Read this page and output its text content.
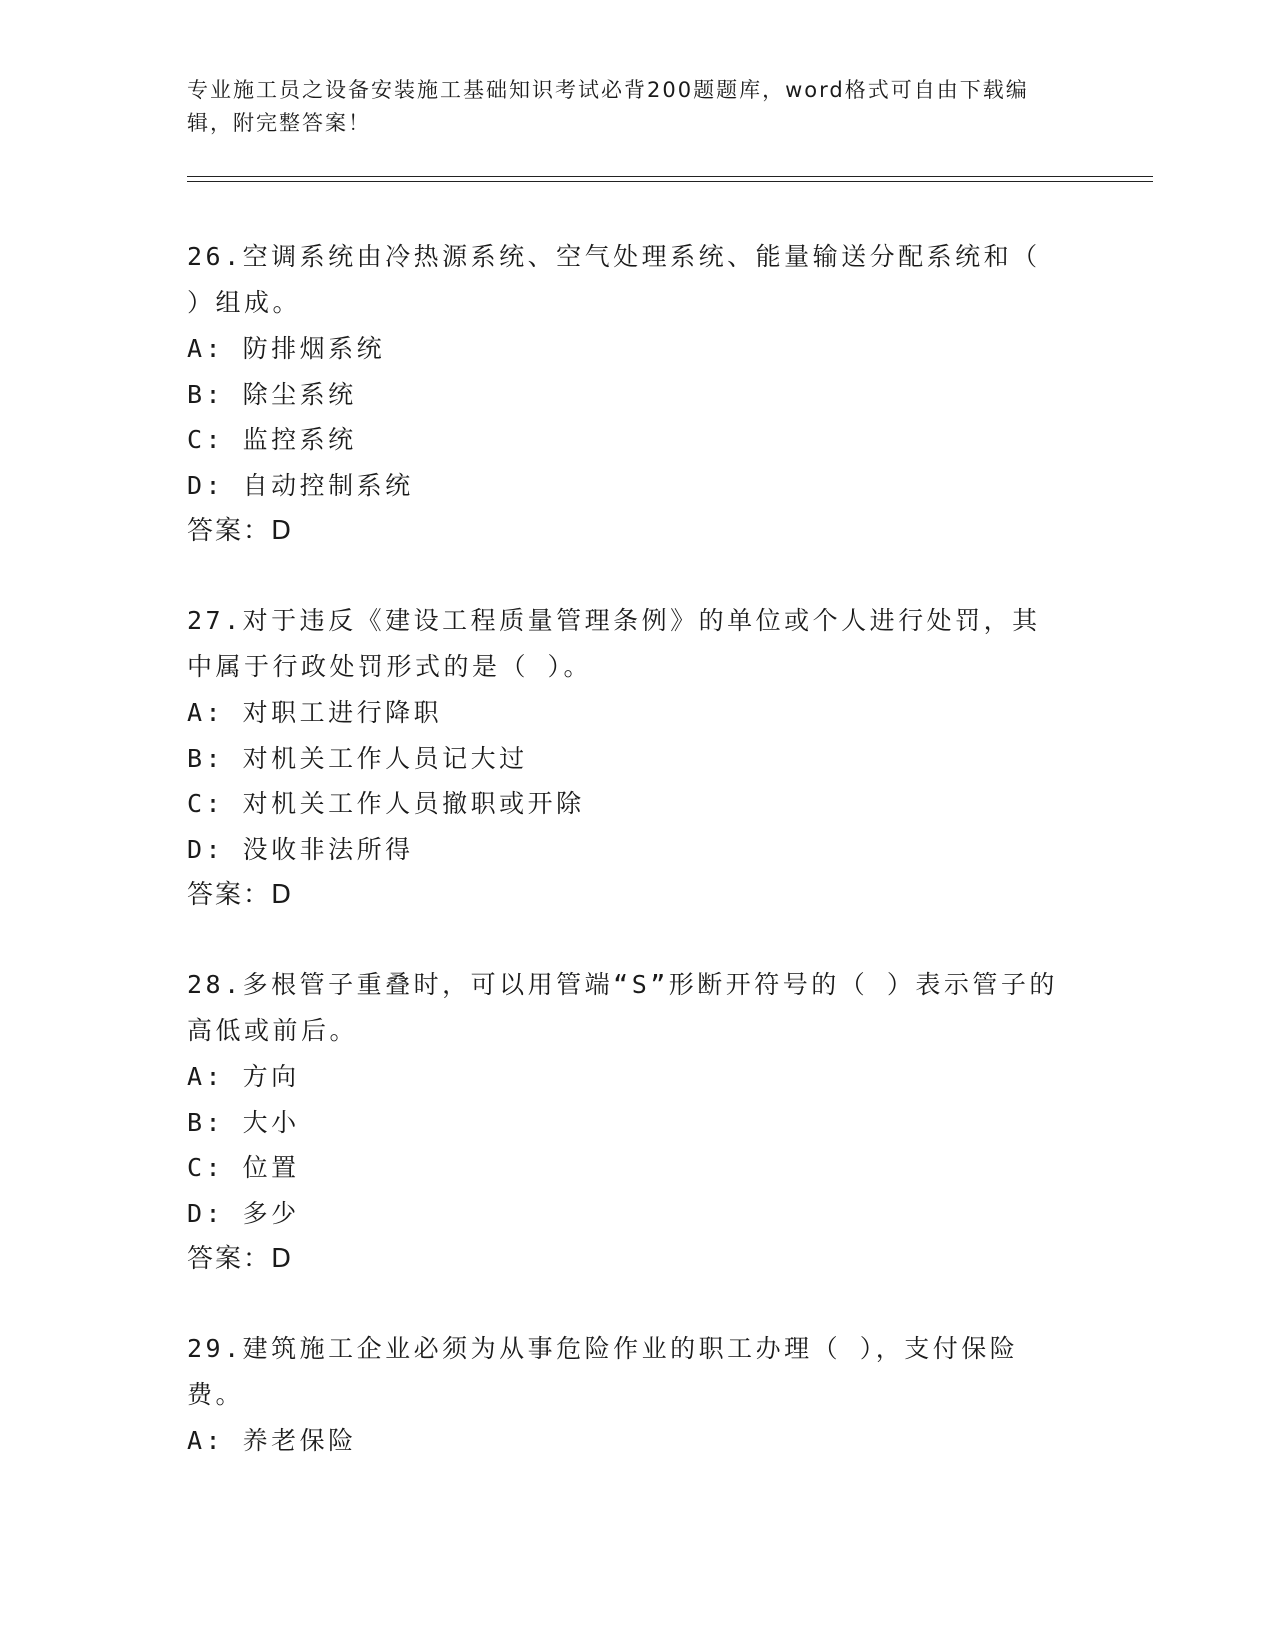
专业施工员之设备安装施工基础知识考试必背200题题库，word格式可自由下载编辑，附完整答案！

26.空调系统由冷热源系统、空气处理系统、能量输送分配系统和（ ）组成。

A: 防排烟系统

B: 除尘系统

C: 监控系统

D: 自动控制系统

答案：D

27.对于违反《建设工程质量管理条例》的单位或个人进行处罚，其中属于行政处罚形式的是（ ）。

A: 对职工进行降职

B: 对机关工作人员记大过

C: 对机关工作人员撤职或开除

D: 没收非法所得

答案：D

28.多根管子重叠时，可以用管端“S”形断开符号的（ ）表示管子的高低或前后。

A: 方向

B: 大小

C: 位置

D: 多少

答案：D

29.建筑施工企业必须为从事危险作业的职工办理（ ），支付保险费。

A: 养老保险
